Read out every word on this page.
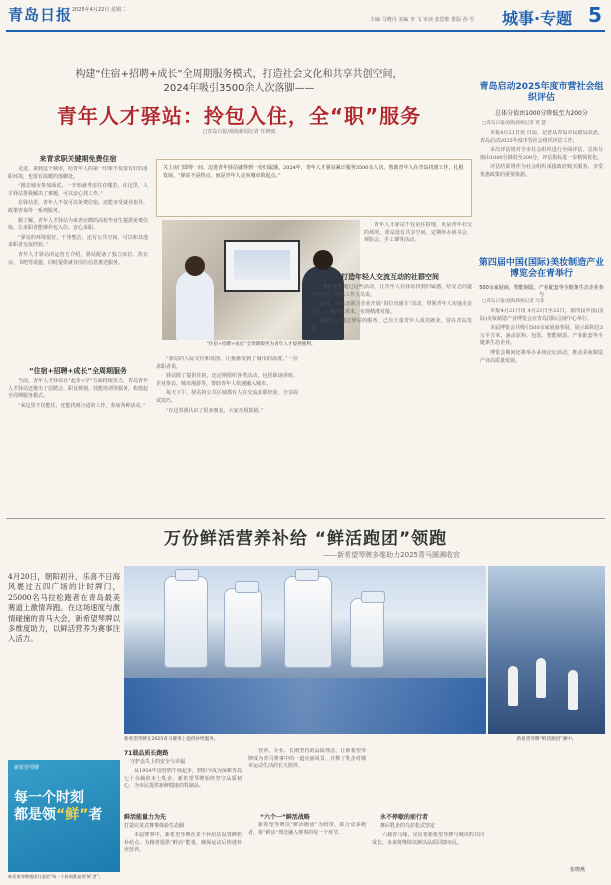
青岛日报 2025年4月22日 星期二
主编 马晓丹 美编 李 飞 审读 张思维 排版 孙 雪 城事·专题 5
构建“住宿+招聘+成长”全周期服务模式，打造社会文化和共享共创空间，
2024年吸引3500余人次落脚——
青年人才驿站：拎包入住，全“职”服务
□青岛日报/观海新闻记者 任晓雨
来青求职关键期免费住宿

走进、来到这个城市，给青年人的第一印象不仅要有好的求职环境，也要有温暖的落脚处。

“刚去城市参加面试，一开始就考虑住在哪里。在这里，人才驿站帮我解决了难题，可以安心找工作。”

在驿站里，青年人不仅可以免费住宿，还能享受就业指导、政策咨询等一系列服务。

据了解，青年人才驿站为来青应聘的高校毕业生提供免费住宿，让求职者能够拎包入住、安心求职。

“驿站的环境很好，干净整洁，还有公共空间，可以和其他求职者交流经验。”

青年人才驿站的运营方介绍，驿站配备了独立床位、洗衣房、书吧等设施，同时提供就业岗位信息推送服务。

“住宿+招聘+成长”全周期服务

当前，青年人才驿站在“起步+学”方面持续发力，青岛青年人才驿站还推出了招聘会、职业规划、技能培训等服务，构建起全周期服务模式。

“来这里不仅能住，还能找到合适的工作，参加各种活动。”

关上房门即得一间，迈进青年驿站就得到一份归属感。2024年，青年人才驿站累计服务3500余人次，帮助青年人在青岛找到工作、扎根发展。“驿站不是终点，而是青年人走向城市的起点。”
“住宿+招聘+成长”全周期服务为青年人才提供便利。

“驿站的人际交往和氛围，让我感受到了城市的温度。”一位求职者说。

驿站除了提供住宿，还定期组织各类活动，包括职场讲座、企业参访、城市漫游等，帮助青年人快速融入城市。

每天下午，驿站的公共区域都有人在交流求职经验，分享面试技巧。

“在这里我认识了很多朋友，大家互相鼓励。”

打造年轻人交流互动的社群空间

青年人才驿站不仅是住宿地，更是青年社交的场所。驿站设有共享空间，定期举办读书会、观影会、手工课等活动。

“我们希望通过这些活动，让青年人在驿站找到归属感，结交志同道合的朋友。”驿站工作人员说。

此外，驿站还联合企业开展“岗位直通车”活动，带领青年人实地走访企业，了解岗位需求，实现精准对接。

据统计，通过驿站的服务，已有大量青年人成功就业，留在青岛发展。

青岛启动2025年度市营社会组织评估
总体分值由1000分降低至为200分
□青岛日报/观海新闻记者 贾 慧

本报4月21日讯 日前，记者从青岛市民政局获悉，青岛启动2025年度市管社会组织评估工作。

本次评估将对全市社会组织进行全面评估，总体分值由1000分降低至200分，评估指标进一步精简优化。

评估结果将作为社会组织承接政府购买服务、享受优惠政策的重要依据。

第四届中国(国际)美妆制造产业博览会在青举行
500余家展商，智能制造、产业配套等全链条生态企业参与
□青岛日报/观海新闻记者 马菲

本报4月21日讯 4月21日至23日，第四届中国(国际)美妆制造产业博览会在青岛国际会展中心举行。

本届博览会共吸引500余家展商参展，展示面积达3万平方米，涵盖原料、包装、智能制造、产业配套等全链条生态企业。

博览会期间还将举办多场论坛活动，推动美妆制造产业高质量发展。

万份鲜活营养补给 “鲜活跑团”领跑
——新希望琴牌多维助力2025青马圆满收官
4月20日，朝阳初升，乐喜不日海风裹过五四广场的计时牌门，25000名马拉松跑者在青岛最美赛道上激情奔跑。在这场速度与激情碰撞的青马大会，新希望琴牌以多维度助力，以鲜活营养为赛事注入活力。
新希望琴牌在2025青马赛事上提供补给服务。	新希望琴牌“鲜活跑团”赛中。
新希望琴牌
每一个时刻
都是领“鲜”者
新希望琴牌跑团打造的“每一个时刻都是领‘鲜’者”。
71载品质长跑路
守护丢失上的安全与幸福

从1954年国营奶牛场起步，到如今成为深耕青岛七十余载的本土乳企，新希望琴牌始终坚守品质初心，为市民提供新鲜健康的乳制品。

鲜活能量力为先
打造完美式赛事体验生态圈

本届赛事中，新希望琴牌在多个补给站设置鲜奶补给点，为跑者提供“鲜活”能量，确保运动后快速补充营养。

营养、专业、长期坚持的品质理念，让新希望琴牌成为青马赛事中的一道亮丽风景，诠释了乳企对城市运动生活的长久陪伴。

“六个一”鲜活战略

新希望琴牌以“鲜活跑团”为纽带，联合众多跑者，将“鲜活”理念融入赛事的每一个环节。

永不停歇的前行者
赛后乳企的乌拉松式坚定

六载青马缘，见证着新希望琴牌与城市的共同成长，未来将继续以鲜活品质回馈市民。

张晓燕
